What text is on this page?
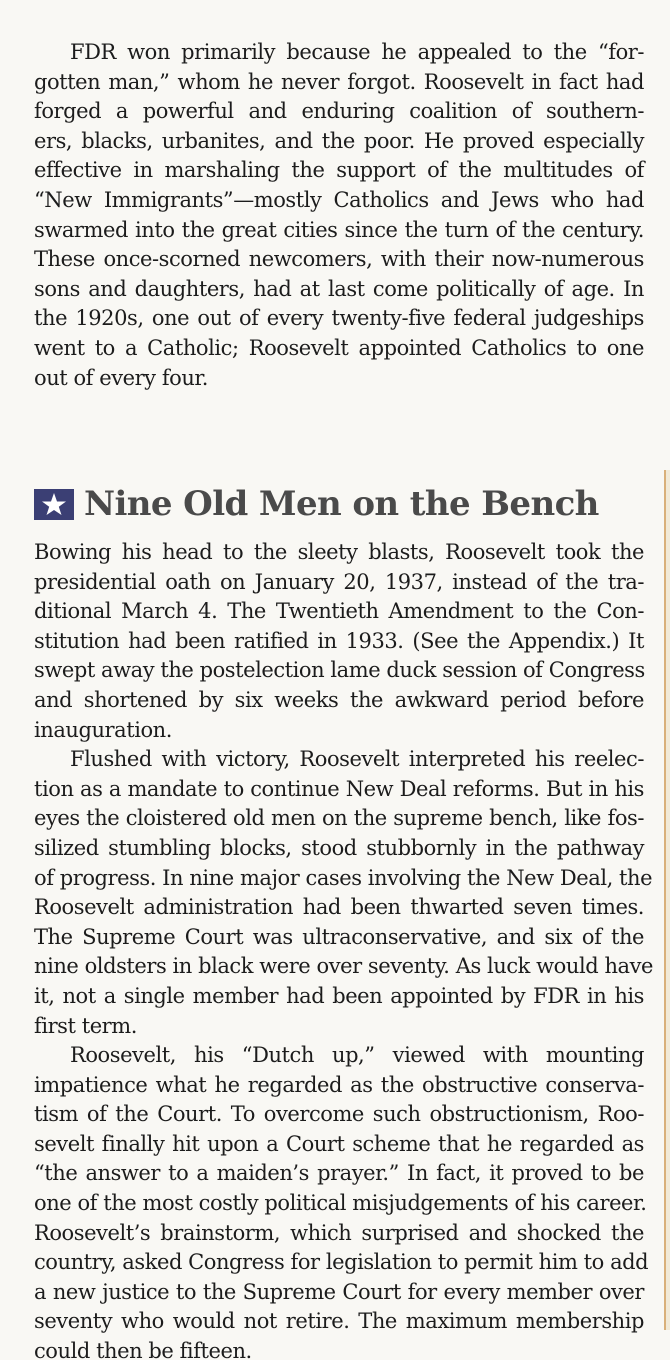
FDR won primarily because he appealed to the “for-
gotten man,” whom he never forgot. Roosevelt in fact had
forged a powerful and enduring coalition of southern-
ers, blacks, urbanites, and the poor. He proved especially
effective in marshaling the support of the multitudes of
“New Immigrants”—mostly Catholics and Jews who had
swarmed into the great cities since the turn of the century.
These once-scorned newcomers, with their now-numerous
sons and daughters, had at last come politically of age. In
the 1920s, one out of every twenty-five federal judgeships
went to a Catholic; Roosevelt appointed Catholics to one
out of every four.
Nine Old Men on the Bench
Bowing his head to the sleety blasts, Roosevelt took the
presidential oath on January 20, 1937, instead of the tra-
ditional March 4. The Twentieth Amendment to the Con-
stitution had been ratified in 1933. (See the Appendix.) It
swept away the postelection lame duck session of Congress
and shortened by six weeks the awkward period before
inauguration.
Flushed with victory, Roosevelt interpreted his reelec-
tion as a mandate to continue New Deal reforms. But in his
eyes the cloistered old men on the supreme bench, like fos-
silized stumbling blocks, stood stubbornly in the pathway
of progress. In nine major cases involving the New Deal, the
Roosevelt administration had been thwarted seven times.
The Supreme Court was ultraconservative, and six of the
nine oldsters in black were over seventy. As luck would have
it, not a single member had been appointed by FDR in his
first term.
Roosevelt, his “Dutch up,” viewed with mounting
impatience what he regarded as the obstructive conserva-
tism of the Court. To overcome such obstructionism, Roo-
sevelt finally hit upon a Court scheme that he regarded as
“the answer to a maiden’s prayer.” In fact, it proved to be
one of the most costly political misjudgements of his career.
Roosevelt’s brainstorm, which surprised and shocked the
country, asked Congress for legislation to permit him to add
a new justice to the Supreme Court for every member over
seventy who would not retire. The maximum membership
could then be fifteen.
